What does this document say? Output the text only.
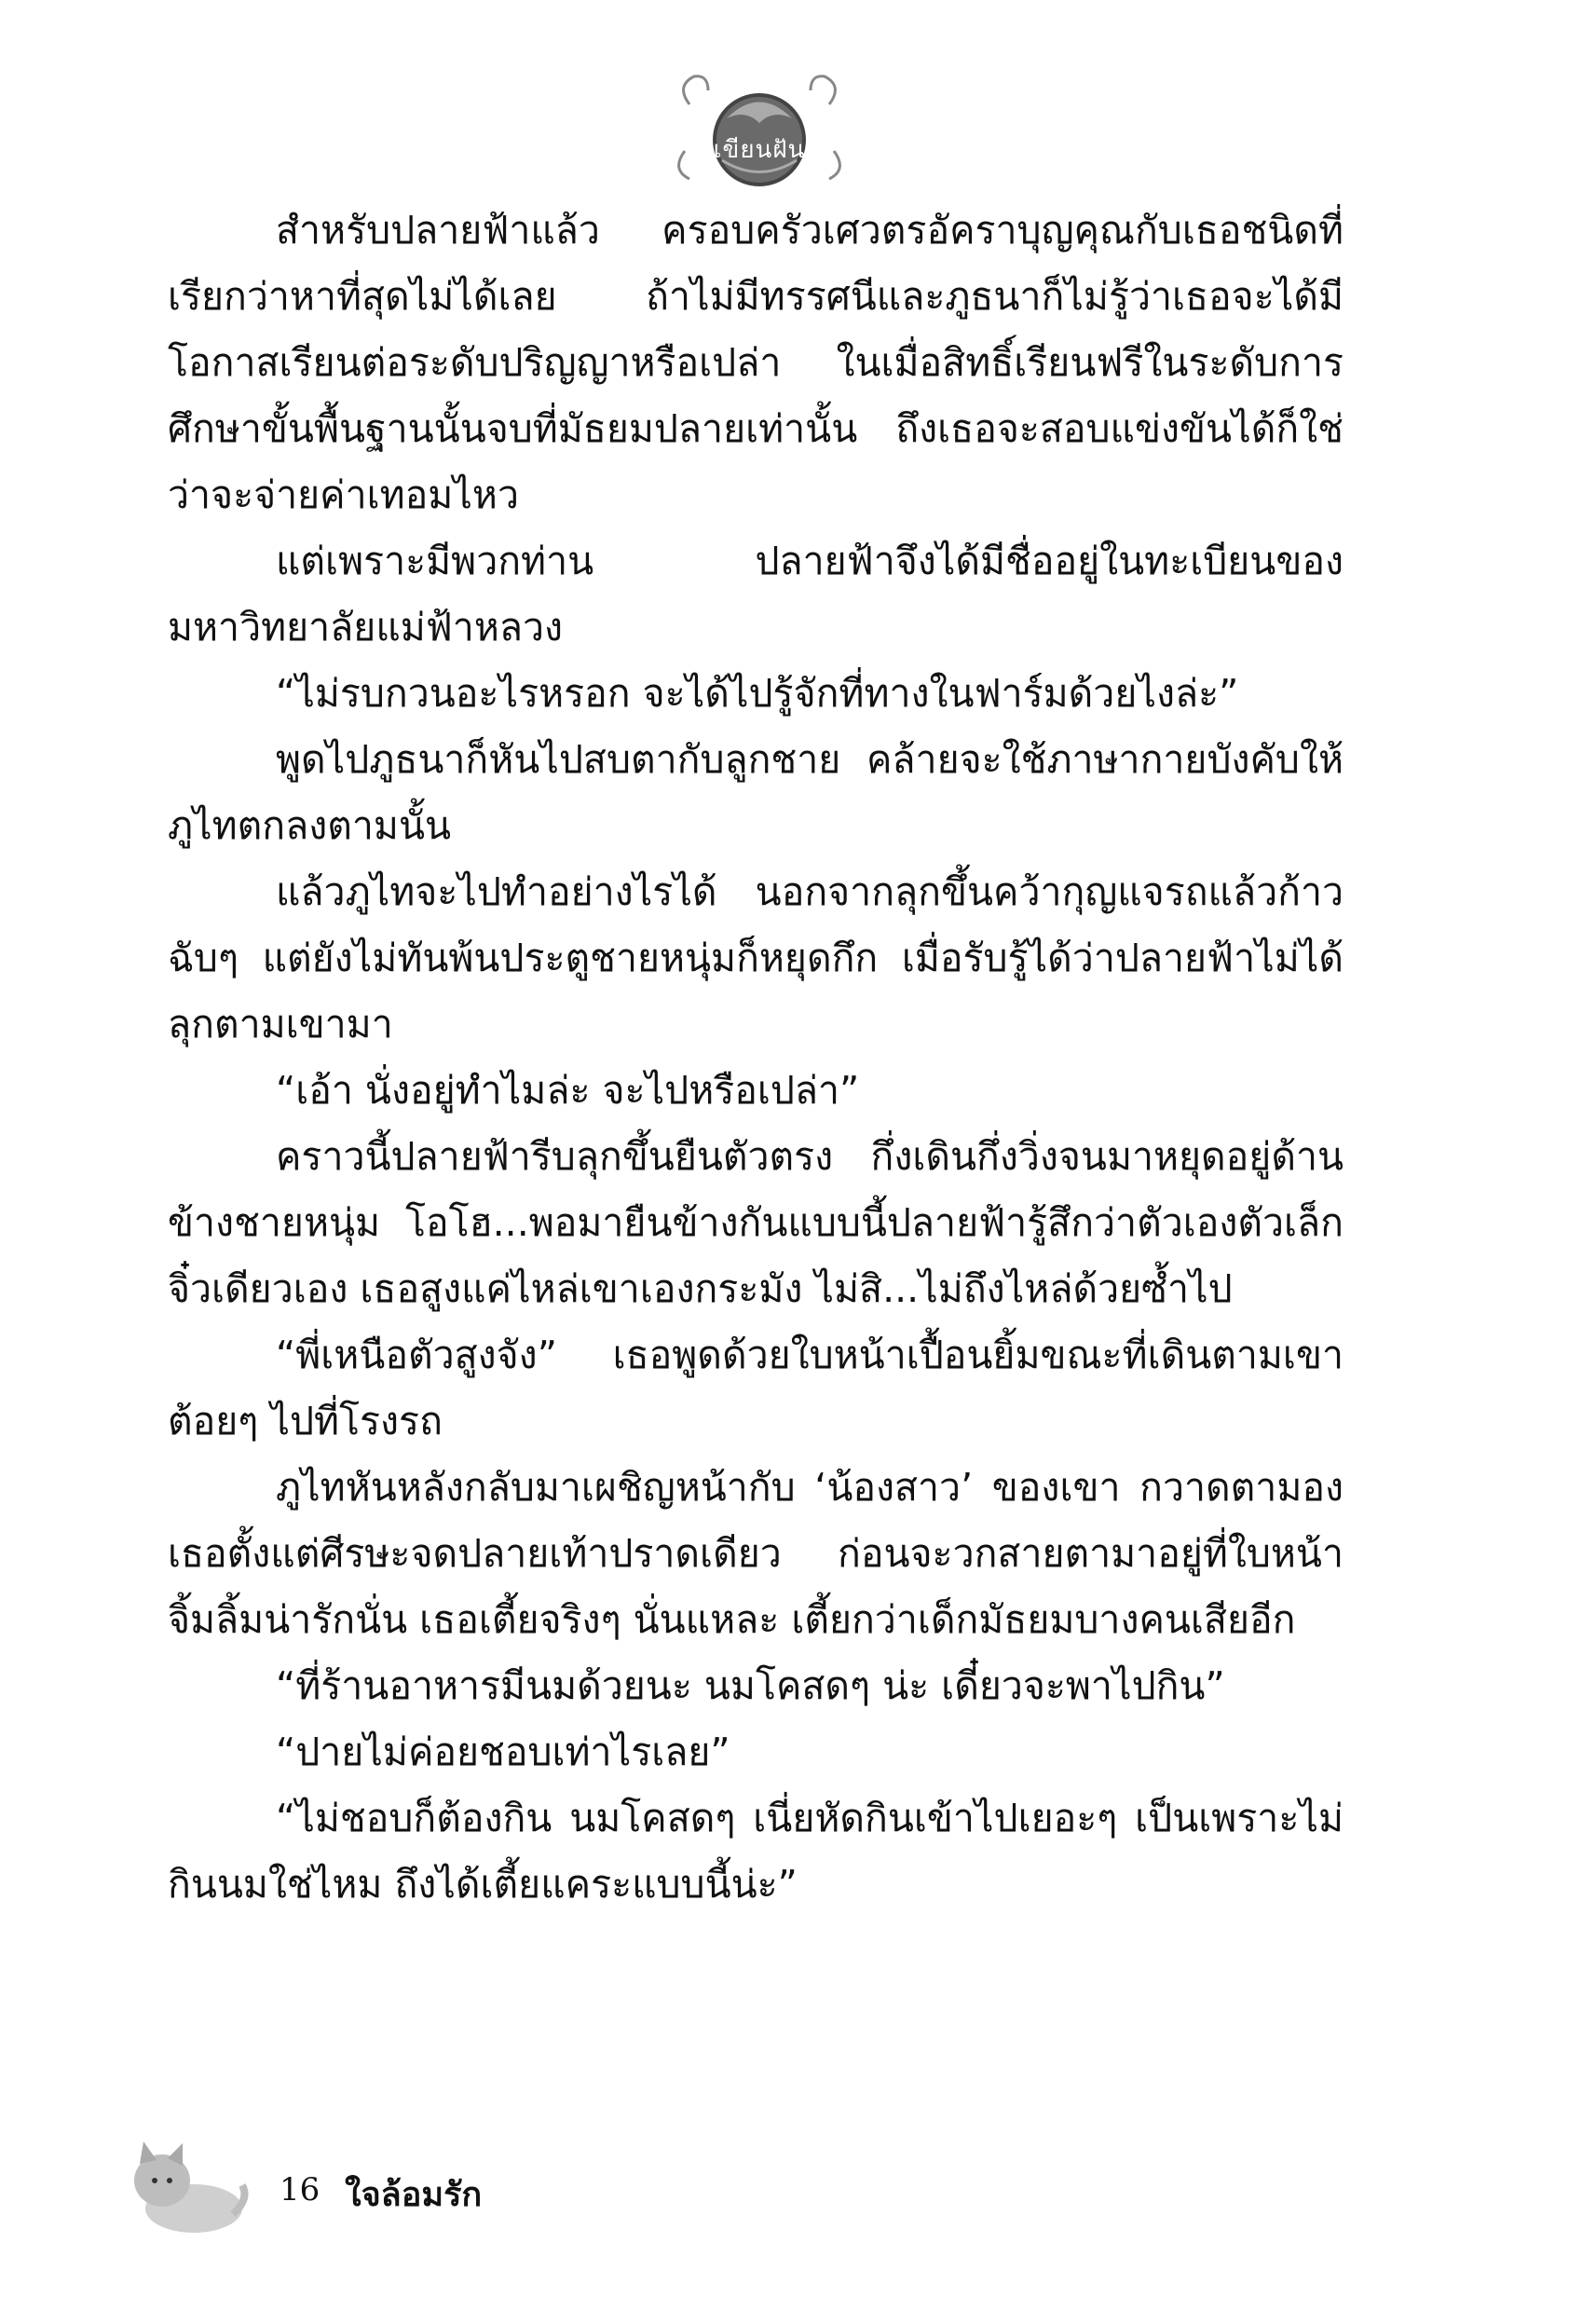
เขียนฝัน

สำหรับปลายฟ้าแล้ว ครอบครัวเศวตรอัคราบุญคุณกับเธอชนิดที่เรียกว่าหาที่สุดไม่ได้เลย ถ้าไม่มีทรรศนีและภูธนาก็ไม่รู้ว่าเธอจะได้มีโอกาสเรียนต่อระดับปริญญาหรือเปล่า ในเมื่อสิทธิ์เรียนฟรีในระดับการศึกษาขั้นพื้นฐานนั้นจบที่มัธยมปลายเท่านั้น ถึงเธอจะสอบแข่งขันได้ก็ใช่ว่าจะจ่ายค่าเทอมไหว

แต่เพราะมีพวกท่าน ปลายฟ้าจึงได้มีชื่ออยู่ในทะเบียนของมหาวิทยาลัยแม่ฟ้าหลวง

“ไม่รบกวนอะไรหรอก จะได้ไปรู้จักที่ทางในฟาร์มด้วยไงล่ะ”

พูดไปภูธนาก็หันไปสบตากับลูกชาย คล้ายจะใช้ภาษากายบังคับให้ภูไทตกลงตามนั้น

แล้วภูไทจะไปทำอย่างไรได้ นอกจากลุกขึ้นคว้ากุญแจรถแล้วก้าวฉับๆ แต่ยังไม่ทันพ้นประตูชายหนุ่มก็หยุดกึก เมื่อรับรู้ได้ว่าปลายฟ้าไม่ได้ลุกตามเขามา

“เอ้า นั่งอยู่ทำไมล่ะ จะไปหรือเปล่า”

คราวนี้ปลายฟ้ารีบลุกขึ้นยืนตัวตรง กึ่งเดินกึ่งวิ่งจนมาหยุดอยู่ด้านข้างชายหนุ่ม โอโฮ...พอมายืนข้างกันแบบนี้ปลายฟ้ารู้สึกว่าตัวเองตัวเล็กจิ๋วเดียวเอง เธอสูงแค่ไหล่เขาเองกระมัง ไม่สิ...ไม่ถึงไหล่ด้วยซ้ำไป

“พี่เหนือตัวสูงจัง” เธอพูดด้วยใบหน้าเปื้อนยิ้มขณะที่เดินตามเขาต้อยๆ ไปที่โรงรถ

ภูไทหันหลังกลับมาเผชิญหน้ากับ ‘น้องสาว’ ของเขา กวาดตามองเธอตั้งแต่ศีรษะจดปลายเท้าปราดเดียว ก่อนจะวกสายตามาอยู่ที่ใบหน้าจิ้มลิ้มน่ารักนั่น เธอเตี้ยจริงๆ นั่นแหละ เตี้ยกว่าเด็กมัธยมบางคนเสียอีก

“ที่ร้านอาหารมีนมด้วยนะ นมโคสดๆ น่ะ เดี๋ยวจะพาไปกิน”

“ปายไม่ค่อยชอบเท่าไรเลย”

“ไม่ชอบก็ต้องกิน นมโคสดๆ เนี่ยหัดกินเข้าไปเยอะๆ เป็นเพราะไม่กินนมใช่ไหม ถึงได้เตี้ยแคระแบบนี้น่ะ”

16 ใจล้อมรัก
